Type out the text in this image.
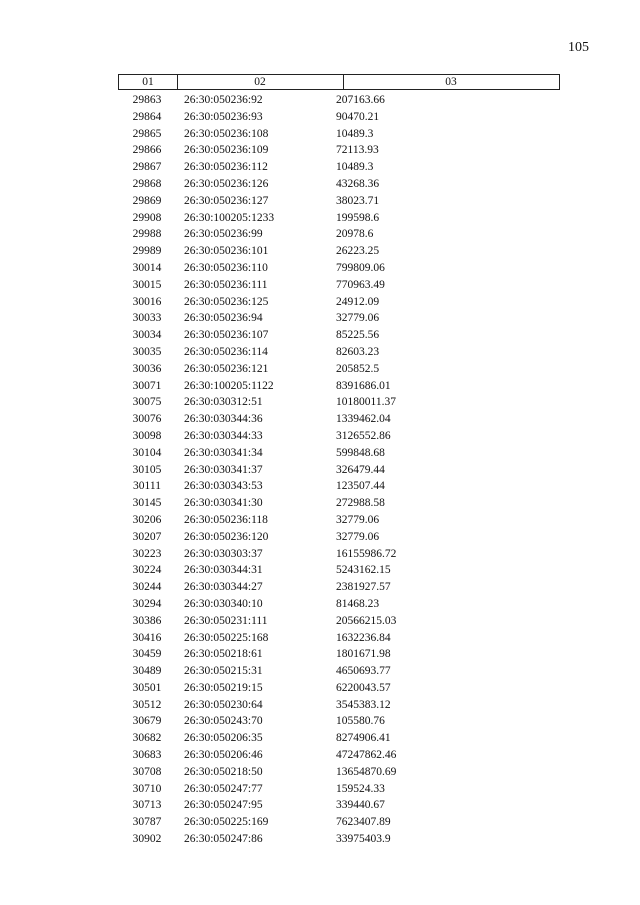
105
01	02	03
29863	26:30:050236:92	207163.66
29864	26:30:050236:93	90470.21
29865	26:30:050236:108	10489.3
29866	26:30:050236:109	72113.93
29867	26:30:050236:112	10489.3
29868	26:30:050236:126	43268.36
29869	26:30:050236:127	38023.71
29908	26:30:100205:1233	199598.6
29988	26:30:050236:99	20978.6
29989	26:30:050236:101	26223.25
30014	26:30:050236:110	799809.06
30015	26:30:050236:111	770963.49
30016	26:30:050236:125	24912.09
30033	26:30:050236:94	32779.06
30034	26:30:050236:107	85225.56
30035	26:30:050236:114	82603.23
30036	26:30:050236:121	205852.5
30071	26:30:100205:1122	8391686.01
30075	26:30:030312:51	10180011.37
30076	26:30:030344:36	1339462.04
30098	26:30:030344:33	3126552.86
30104	26:30:030341:34	599848.68
30105	26:30:030341:37	326479.44
30111	26:30:030343:53	123507.44
30145	26:30:030341:30	272988.58
30206	26:30:050236:118	32779.06
30207	26:30:050236:120	32779.06
30223	26:30:030303:37	16155986.72
30224	26:30:030344:31	5243162.15
30244	26:30:030344:27	2381927.57
30294	26:30:030340:10	81468.23
30386	26:30:050231:111	20566215.03
30416	26:30:050225:168	1632236.84
30459	26:30:050218:61	1801671.98
30489	26:30:050215:31	4650693.77
30501	26:30:050219:15	6220043.57
30512	26:30:050230:64	3545383.12
30679	26:30:050243:70	105580.76
30682	26:30:050206:35	8274906.41
30683	26:30:050206:46	47247862.46
30708	26:30:050218:50	13654870.69
30710	26:30:050247:77	159524.33
30713	26:30:050247:95	339440.67
30787	26:30:050225:169	7623407.89
30902	26:30:050247:86	33975403.9
